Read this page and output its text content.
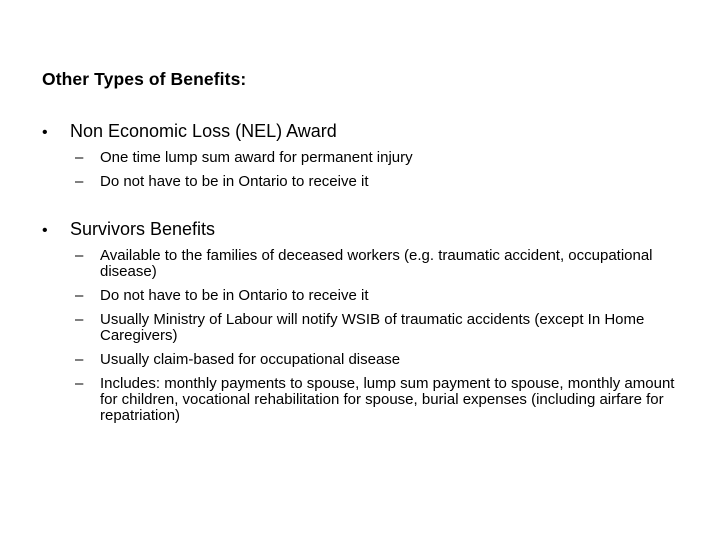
Other Types of Benefits:
•	Non Economic Loss (NEL) Award
–	One time lump sum award for permanent injury
–	Do not have to be in Ontario to receive it
•	Survivors Benefits
–	Available to the families of deceased workers (e.g. traumatic accident, occupational disease)
–	Do not have to be in Ontario to receive it
–	Usually Ministry of Labour will notify WSIB of traumatic accidents (except In Home Caregivers)
–	Usually claim-based for occupational disease
–	Includes: monthly payments to spouse, lump sum payment to spouse, monthly amount for children, vocational rehabilitation for spouse, burial expenses (including airfare for repatriation)
